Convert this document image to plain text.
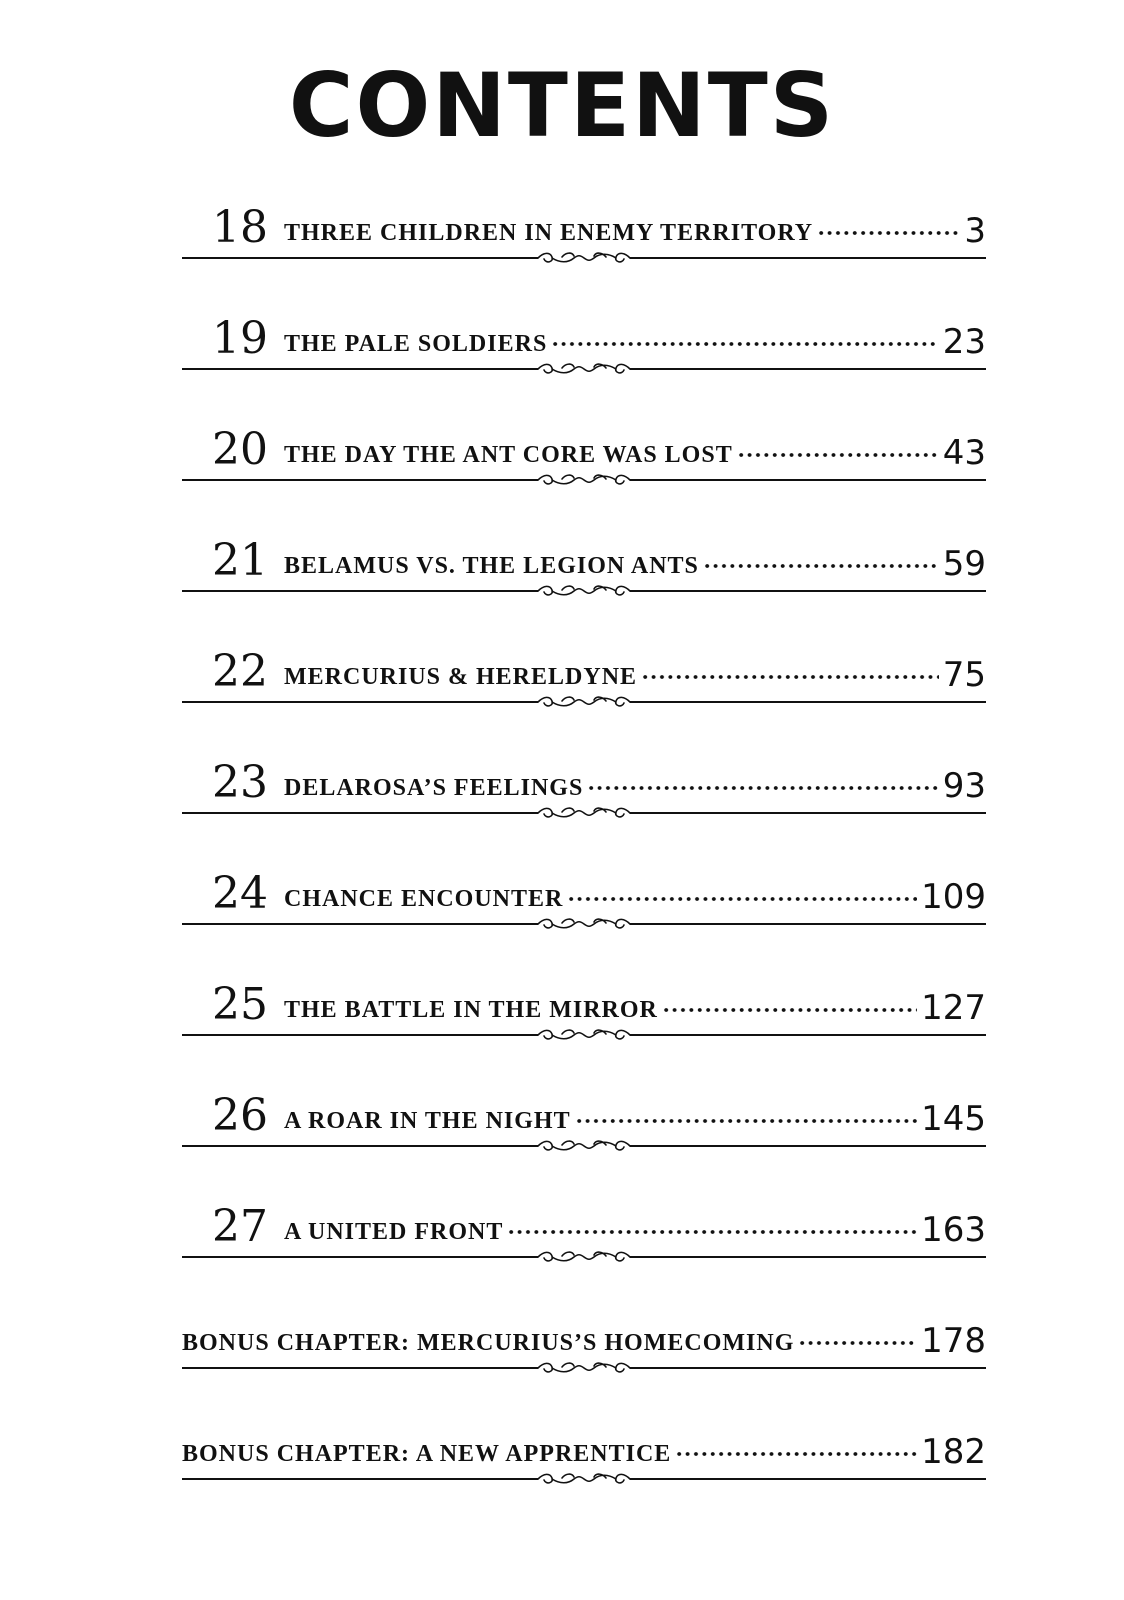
CONTENTS
18 THREE CHILDREN IN ENEMY TERRITORY	3
19 THE PALE SOLDIERS	23
20 THE DAY THE ANT CORE WAS LOST	43
21 BELAMUS VS. THE LEGION ANTS	59
22 MERCURIUS & HERELDYNE	75
23 DELAROSA’S FEELINGS	93
24 CHANCE ENCOUNTER	109
25 THE BATTLE IN THE MIRROR	127
26 A ROAR IN THE NIGHT	145
27 A UNITED FRONT	163
BONUS CHAPTER: MERCURIUS’S HOMECOMING	178
BONUS CHAPTER: A NEW APPRENTICE	182
